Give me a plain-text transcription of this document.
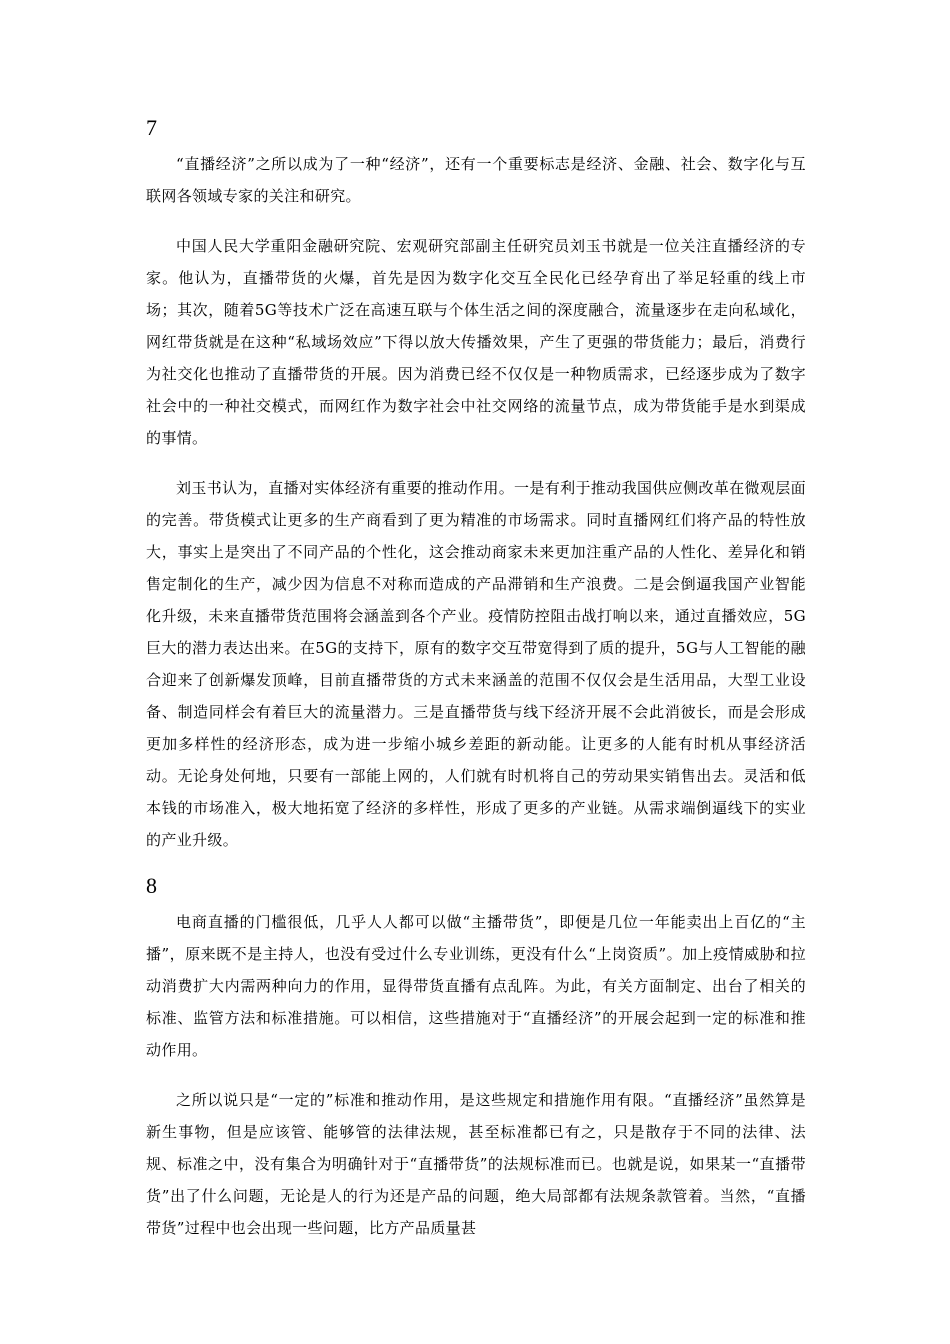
7

“直播经济”之所以成为了一种“经济”，还有一个重要标志是经济、金融、社会、数字化与互联网各领域专家的关注和研究。

中国人民大学重阳金融研究院、宏观研究部副主任研究员刘玉书就是一位关注直播经济的专家。他认为，直播带货的火爆，首先是因为数字化交互全民化已经孕育出了举足轻重的线上市场；其次，随着5G等技术广泛在高速互联与个体生活之间的深度融合，流量逐步在走向私域化，网红带货就是在这种“私域场效应”下得以放大传播效果，产生了更强的带货能力；最后，消费行为社交化也推动了直播带货的开展。因为消费已经不仅仅是一种物质需求，已经逐步成为了数字社会中的一种社交模式，而网红作为数字社会中社交网络的流量节点，成为带货能手是水到渠成的事情。

刘玉书认为，直播对实体经济有重要的推动作用。一是有利于推动我国供应侧改革在微观层面的完善。带货模式让更多的生产商看到了更为精准的市场需求。同时直播网红们将产品的特性放大，事实上是突出了不同产品的个性化，这会推动商家未来更加注重产品的人性化、差异化和销售定制化的生产，减少因为信息不对称而造成的产品滞销和生产浪费。二是会倒逼我国产业智能化升级，未来直播带货范围将会涵盖到各个产业。疫情防控阻击战打响以来，通过直播效应，5G巨大的潜力表达出来。在5G的支持下，原有的数字交互带宽得到了质的提升，5G与人工智能的融合迎来了创新爆发顶峰，目前直播带货的方式未来涵盖的范围不仅仅会是生活用品，大型工业设备、制造同样会有着巨大的流量潜力。三是直播带货与线下经济开展不会此消彼长，而是会形成更加多样性的经济形态，成为进一步缩小城乡差距的新动能。让更多的人能有时机从事经济活动。无论身处何地，只要有一部能上网的，人们就有时机将自己的劳动果实销售出去。灵活和低本钱的市场准入，极大地拓宽了经济的多样性，形成了更多的产业链。从需求端倒逼线下的实业的产业升级。

8

电商直播的门槛很低，几乎人人都可以做“主播带货”，即便是几位一年能卖出上百亿的“主播”，原来既不是主持人，也没有受过什么专业训练，更没有什么“上岗资质”。加上疫情威胁和拉动消费扩大内需两种向力的作用，显得带货直播有点乱阵。为此，有关方面制定、出台了相关的标准、监管方法和标准措施。可以相信，这些措施对于“直播经济”的开展会起到一定的标准和推动作用。

之所以说只是“一定的”标准和推动作用，是这些规定和措施作用有限。“直播经济”虽然算是新生事物，但是应该管、能够管的法律法规，甚至标准都已有之，只是散存于不同的法律、法规、标准之中，没有集合为明确针对于“直播带货”的法规标准而已。也就是说，如果某一“直播带货”出了什么问题，无论是人的行为还是产品的问题，绝大局部都有法规条款管着。当然，“直播带货”过程中也会出现一些问题，比方产品质量甚
